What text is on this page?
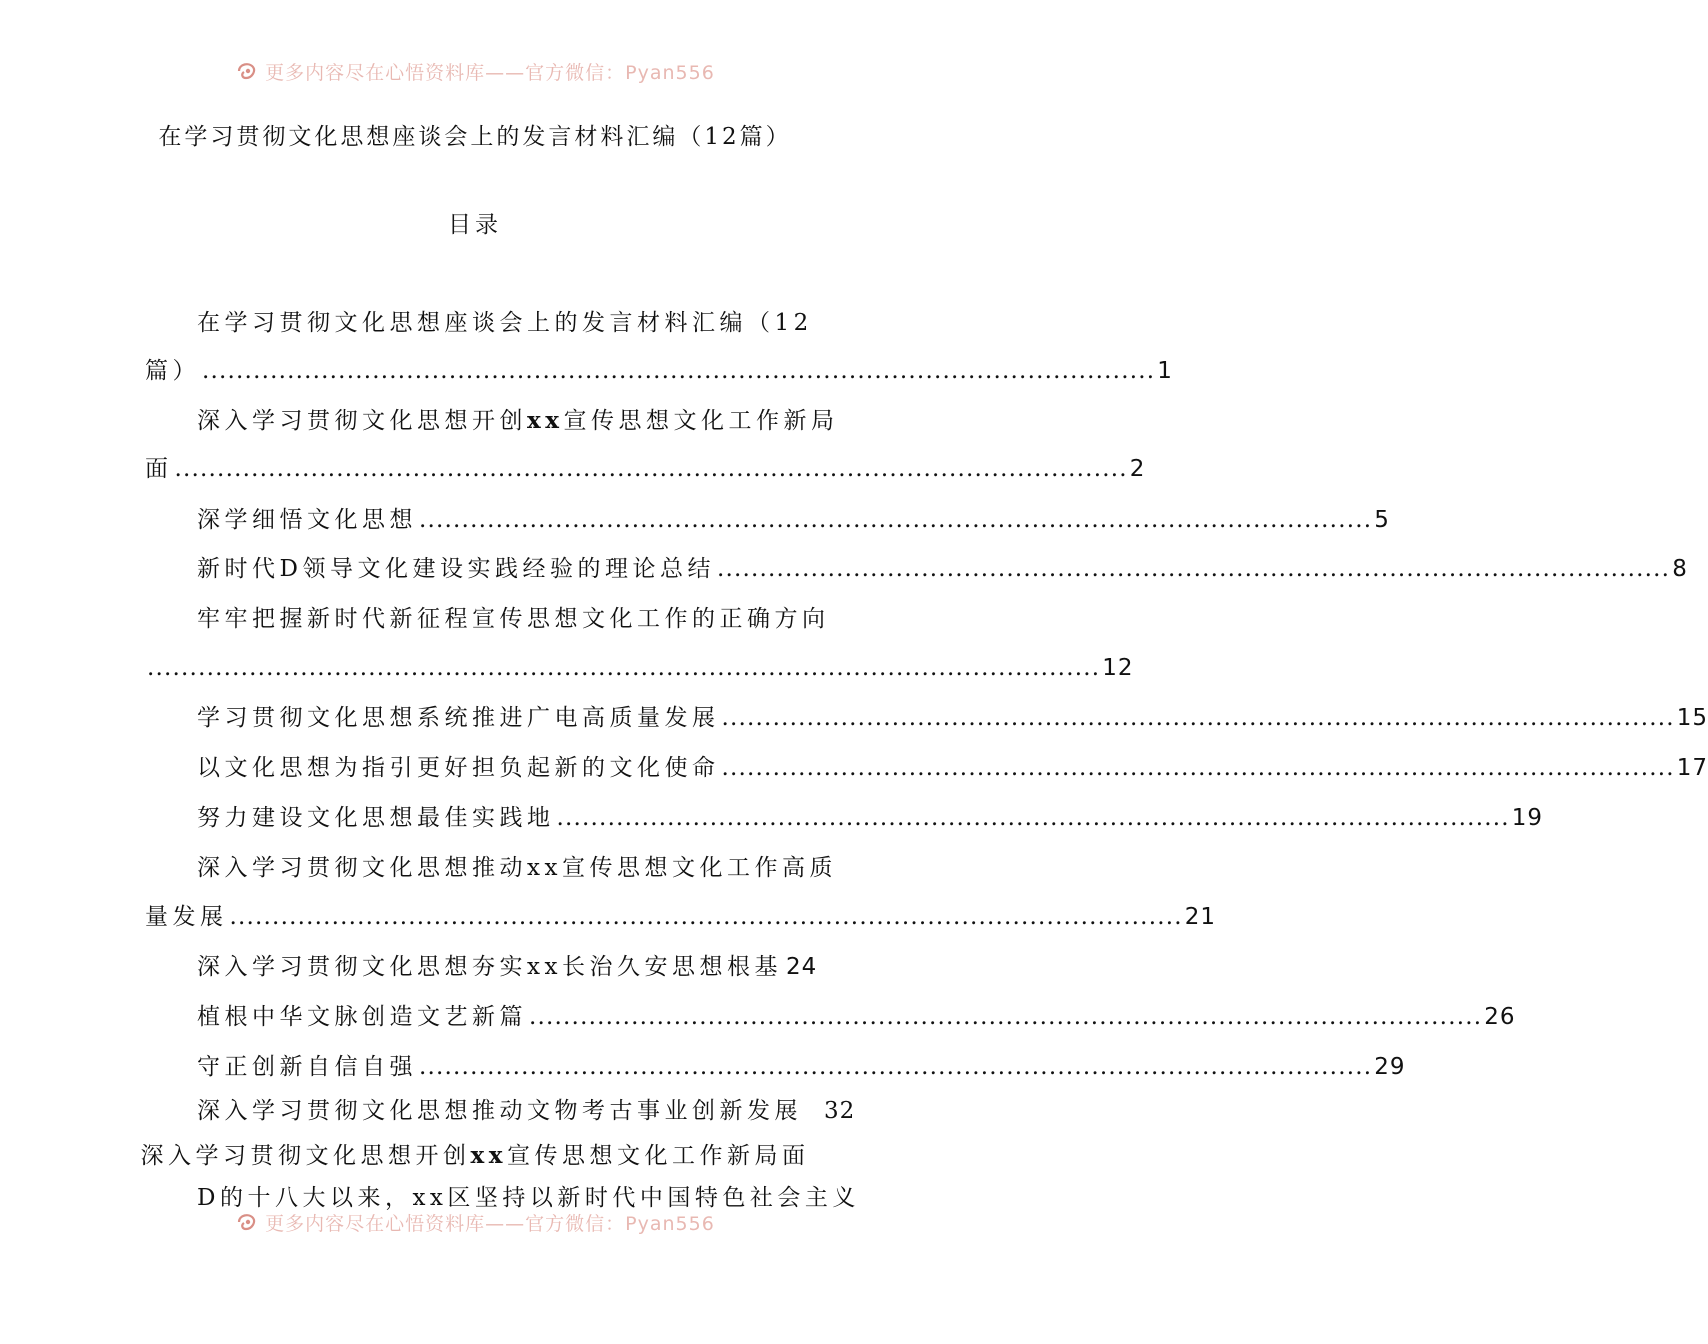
更多内容尽在心悟资料库——官方微信：Pyan556
在学习贯彻文化思想座谈会上的发言材料汇编（12篇）
目录
在学习贯彻文化思想座谈会上的发言材料汇编（12
篇） ................................................................................................................ 1
深入学习贯彻文化思想开创xx宣传思想文化工作新局
面 ................................................................................................................ 2
深学细悟文化思想 ................................................................................................................ 5
新时代D领导文化建设实践经验的理论总结 ................................................................................................................ 8
牢牢把握新时代新征程宣传思想文化工作的正确方向
................................................................................................................ 12
学习贯彻文化思想系统推进广电高质量发展 ................................................................................................................ 15
以文化思想为指引更好担负起新的文化使命 ................................................................................................................ 17
努力建设文化思想最佳实践地 ................................................................................................................ 19
深入学习贯彻文化思想推动xx宣传思想文化工作高质
量发展 ................................................................................................................ 21
深入学习贯彻文化思想夯实xx长治久安思想根基 24
植根中华文脉创造文艺新篇 ................................................................................................................ 26
守正创新自信自强 ................................................................................................................ 29
深入学习贯彻文化思想推动文物考古事业创新发展 32
深入学习贯彻文化思想开创xx宣传思想文化工作新局面
D的十八大以来，xx区坚持以新时代中国特色社会主义
更多内容尽在心悟资料库——官方微信：Pyan556
